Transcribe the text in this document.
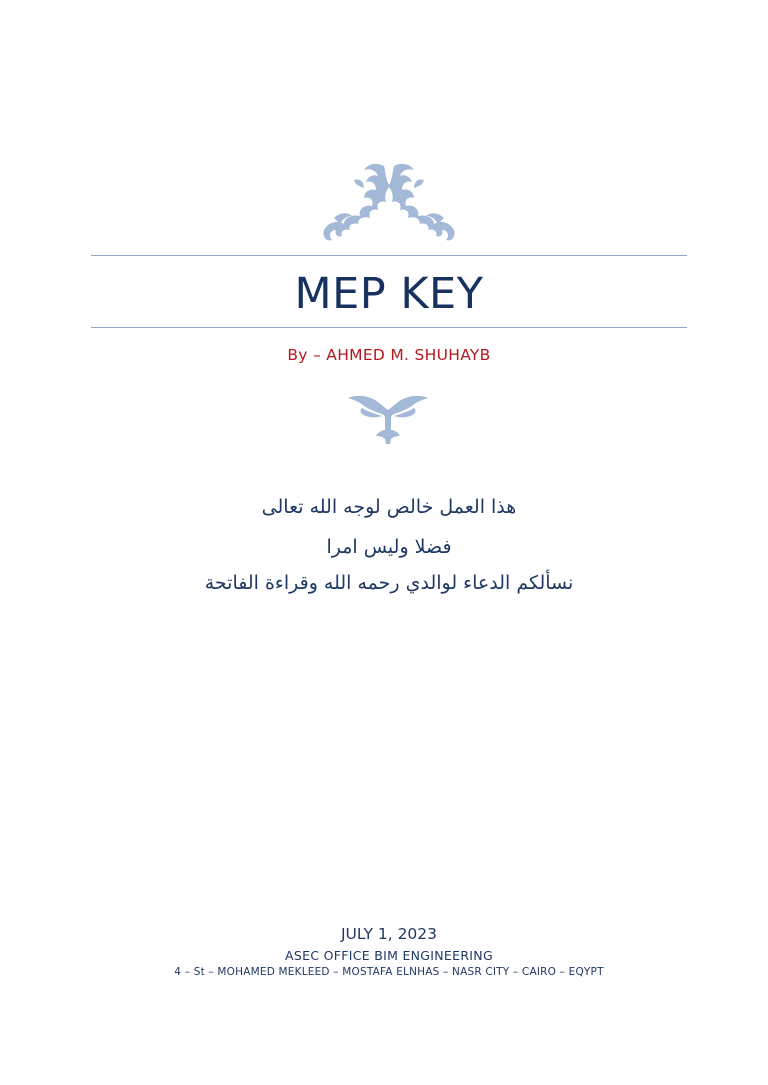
MEP KEY
By – AHMED M. SHUHAYB
هذا العمل خالص لوجه الله تعالى
فضلا وليس امرا
نسألكم الدعاء لوالدي رحمه الله وقراءة الفاتحة
JULY 1, 2023
ASEC OFFICE BIM ENGINEERING
4 – St – MOHAMED MEKLEED – MOSTAFA ELNHAS – NASR CITY – CAIRO – EQYPT
